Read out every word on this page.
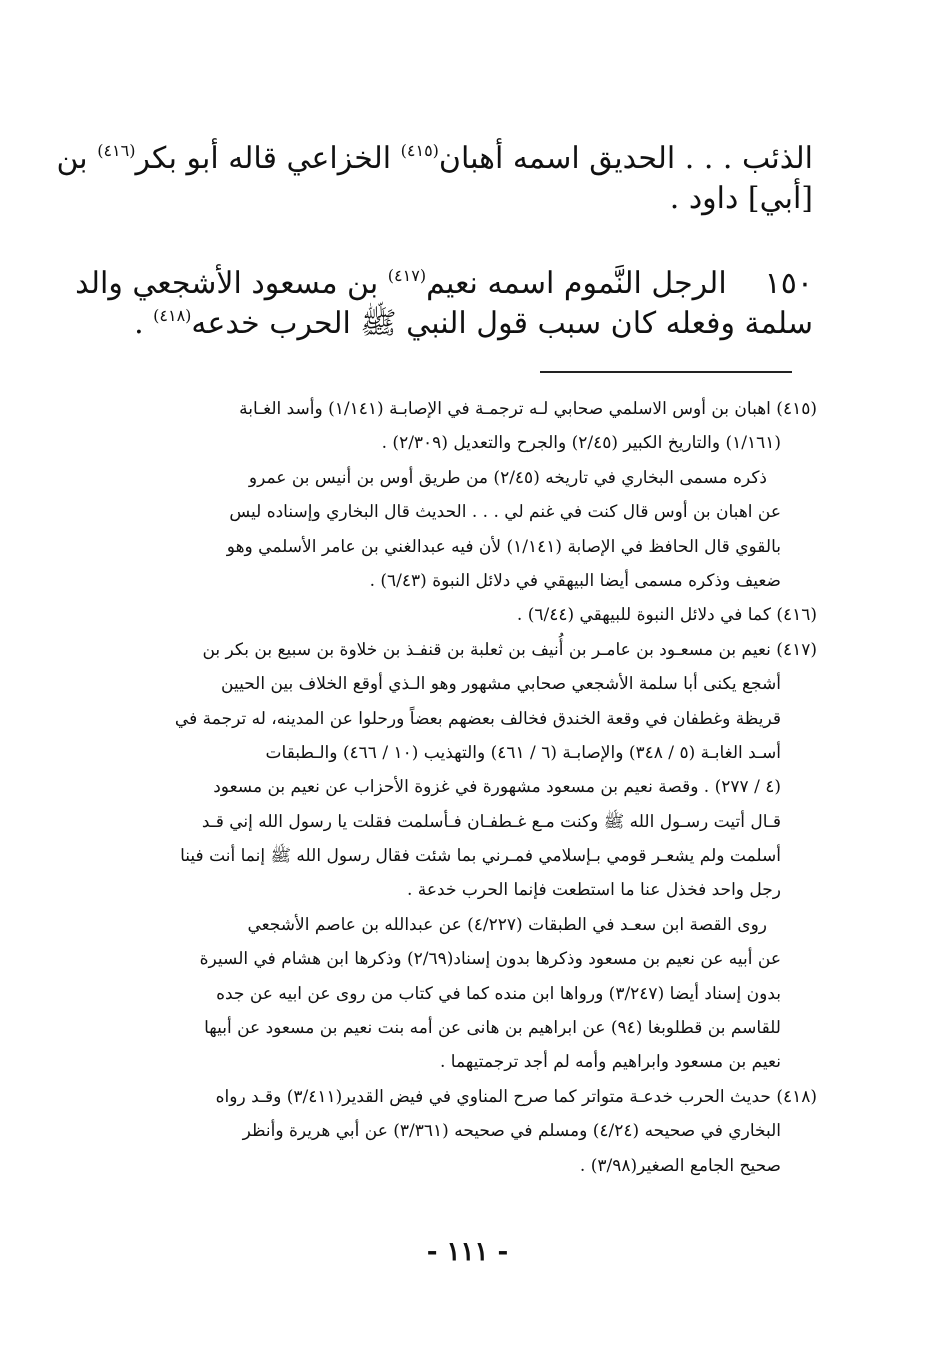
الذئب . . . الحديق اسمه أهبان$^{(٤١٥)}$ الخزاعي قاله أبو بكر$^{(٤١٦)}$ بن
[أبي] داود .
١٥٠الرجل النَّموم اسمه نعيم$^{(٤١٧)}$ بن مسعود الأشجعي والد
سلمة وفعله كان سبب قول النبي ﷺ الحرب خدعه$^{(٤١٨)}$ .
(٤١٥) اهبان بن أوس الاسلمي صحابي لـه ترجمـة في الإصابـة (١/١٤١) وأسد الغـابة
(١/١٦١) والتاريخ الكبير (٢/٤٥) والجرح والتعديل (٢/٣٠٩) .
ذكره مسمى البخاري في تاريخه (٢/٤٥) من طريق أوس بن أنيس بن عمرو
عن اهبان بن أوس قال كنت في غنم لي . . . الحديث قال البخاري وإسناده ليس
بالقوي قال الحافظ في الإصابة (١/١٤١) لأن فيه عبدالغني بن عامر الأسلمي وهو
ضعيف وذكره مسمى أيضا البيهقي في دلائل النبوة (٦/٤٣) .
(٤١٦) كما في دلائل النبوة للبيهقي (٦/٤٤) .
(٤١٧) نعيم بن مسعـود بن عامـر بن أُنيف بن ثعلبة بن قنفـذ بن خلاوة بن سبيع بن بكر بن
أشجع يكنى أبا سلمة الأشجعي صحابي مشهور وهو الـذي أوقع الخلاف بين الحيين
قريظة وغطفان في وقعة الخندق فخالف بعضهم بعضاً ورحلوا عن المدينه، له ترجمة في
أسـد الغابـة (٥ / ٣٤٨) والإصابـة (٦ / ٤٦١) والتهذيب (١٠ / ٤٦٦) والـطبقات
(٤ / ٢٧٧) . وقصة نعيم بن مسعود مشهورة في غزوة الأحزاب عن نعيم بن مسعود
قـال أتيت رسـول الله ﷺ وكنت مـع غـطفـان فـأسلمت فقلت يا رسول الله إني قـد
أسلمت ولم يشعـر قومي بـإسلامي فمـرني بما شئت فقال رسول الله ﷺ إنما أنت فينا
رجل واحد فخذل عنا ما استطعت فإنما الحرب خدعة .
روى القصة ابن سعـد في الطبقات (٤/٢٢٧) عن عبدالله بن عاصم الأشجعي
عن أبيه عن نعيم بن مسعود وذكرها بدون إسناد(٢/٦٩) وذكرها ابن هشام في السيرة
بدون إسناد أيضا (٣/٢٤٧) ورواها ابن منده كما في كتاب من روى عن ابيه عن جده
للقاسم بن قطلوبغا (٩٤) عن ابراهيم بن هانى عن أمه بنت نعيم بن مسعود عن أبيها
نعيم بن مسعود وابراهيم وأمه لم أجد ترجمتيهما .
(٤١٨) حديث الحرب خدعـة متواتر كما صرح المناوي في فيض القدير(٣/٤١١) وقـد رواه
البخاري في صحيحه (٤/٢٤) ومسلم في صحيحه (٣/٣٦١) عن أبي هريرة وأنظر
صحيح الجامع الصغير(٣/٩٨) .
- ١١١ -
